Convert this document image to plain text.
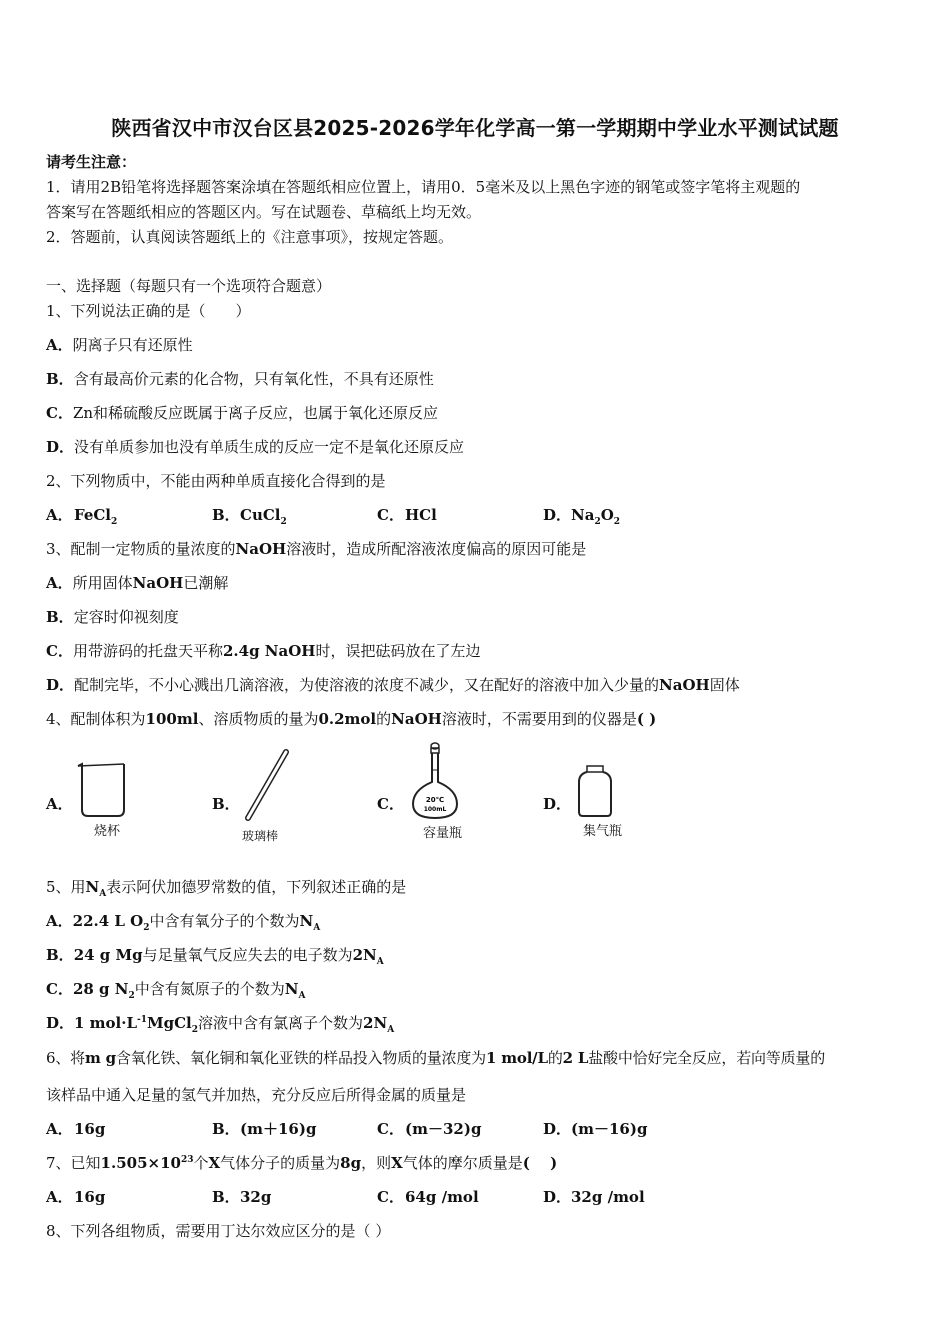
陕西省汉中市汉台区县2025-2026学年化学高一第一学期期中学业水平测试试题
请考生注意：
1．请用2B铅笔将选择题答案涂填在答题纸相应位置上，请用0．5毫米及以上黑色字迹的钢笔或签字笔将主观题的
答案写在答题纸相应的答题区内。写在试题卷、草稿纸上均无效。
2．答题前，认真阅读答题纸上的《注意事项》，按规定答题。
一、选择题（每题只有一个选项符合题意）
1、下列说法正确的是（　　）
A．阴离子只有还原性
B．含有最高价元素的化合物，只有氧化性，不具有还原性
C．Zn和稀硫酸反应既属于离子反应，也属于氧化还原反应
D．没有单质参加也没有单质生成的反应一定不是氧化还原反应
2、下列物质中，不能由两种单质直接化合得到的是
A．FeCl$_2$	B．CuCl$_2$	C．HCl	D．$Na_2O_2$
3、配制一定物质的量浓度的NaOH溶液时，造成所配溶液浓度偏高的原因可能是
A．所用固体NaOH已潮解
B．定容时仰视刻度
C．用带游码的托盘天平称2.4g NaOH时，误把砝码放在了左边
D．配制完毕，不小心溅出几滴溶液，为使溶液的浓度不减少，又在配好的溶液中加入少量的NaOH固体
4、配制体积为100ml、溶质物质的量为0.2mol的NaOH溶液时，不需要用到的仪器是( )
A．
烧杯
B．
玻璃棒
C．	20℃
100mL
容量瓶
D．
集气瓶
5、用$N_A$表示阿伏加德罗常数的值，下列叙述正确的是
A．22.4 L $O_2$中含有氧分子的个数为$N_A$
B．24 g Mg与足量氧气反应失去的电子数为$2N_A$
C．28 g $N_2$中含有氮原子的个数为$N_A$
D．1 $mol\cdot L^{-1}MgCl_2$溶液中含有氯离子个数为$2N_A$
6、将m g含氧化铁、氧化铜和氧化亚铁的样品投入物质的量浓度为1 mol/L的2 L盐酸中恰好完全反应，若向等质量的
该样品中通入足量的氢气并加热，充分反应后所得金属的质量是
A．16g	B．(m＋16)g	C．(m－32)g	D．(m－16)g
7、已知$1.505\times 10^{23}$个X气体分子的质量为8g，则X气体的摩尔质量是(　 )
A．16g	B．32g	C．64g /mol	D．32g /mol
8、下列各组物质，需要用丁达尔效应区分的是（ ）
